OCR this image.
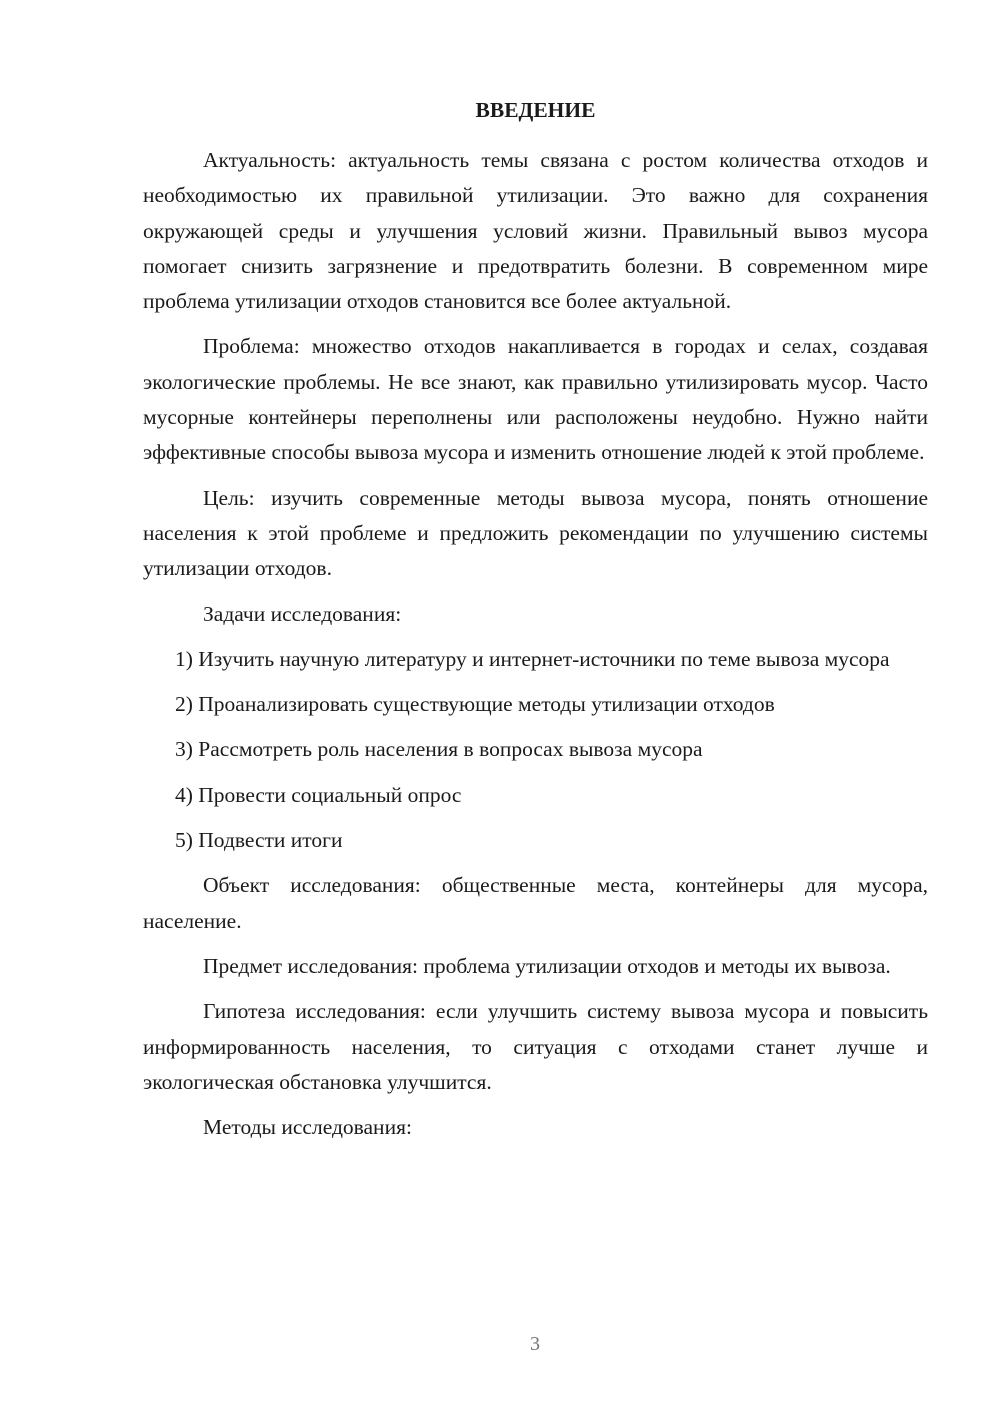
ВВЕДЕНИЕ

Актуальность: актуальность темы связана с ростом количества отходов и необходимостью их правильной утилизации. Это важно для сохранения окружающей среды и улучшения условий жизни. Правильный вывоз мусора помогает снизить загрязнение и предотвратить болезни. В современном мире проблема утилизации отходов становится все более актуальной.

Проблема: множество отходов накапливается в городах и селах, создавая экологические проблемы. Не все знают, как правильно утилизировать мусор. Часто мусорные контейнеры переполнены или расположены неудобно. Нужно найти эффективные способы вывоза мусора и изменить отношение людей к этой проблеме.

Цель: изучить современные методы вывоза мусора, понять отношение населения к этой проблеме и предложить рекомендации по улучшению системы утилизации отходов.

Задачи исследования:

1) Изучить научную литературу и интернет-источники по теме вывоза мусора

2) Проанализировать существующие методы утилизации отходов

3) Рассмотреть роль населения в вопросах вывоза мусора

4) Провести социальный опрос

5) Подвести итоги

Объект исследования: общественные места, контейнеры для мусора, население.

Предмет исследования: проблема утилизации отходов и методы их вывоза.

Гипотеза исследования: если улучшить систему вывоза мусора и повысить информированность населения, то ситуация с отходами станет лучше и экологическая обстановка улучшится.

Методы исследования:

3
